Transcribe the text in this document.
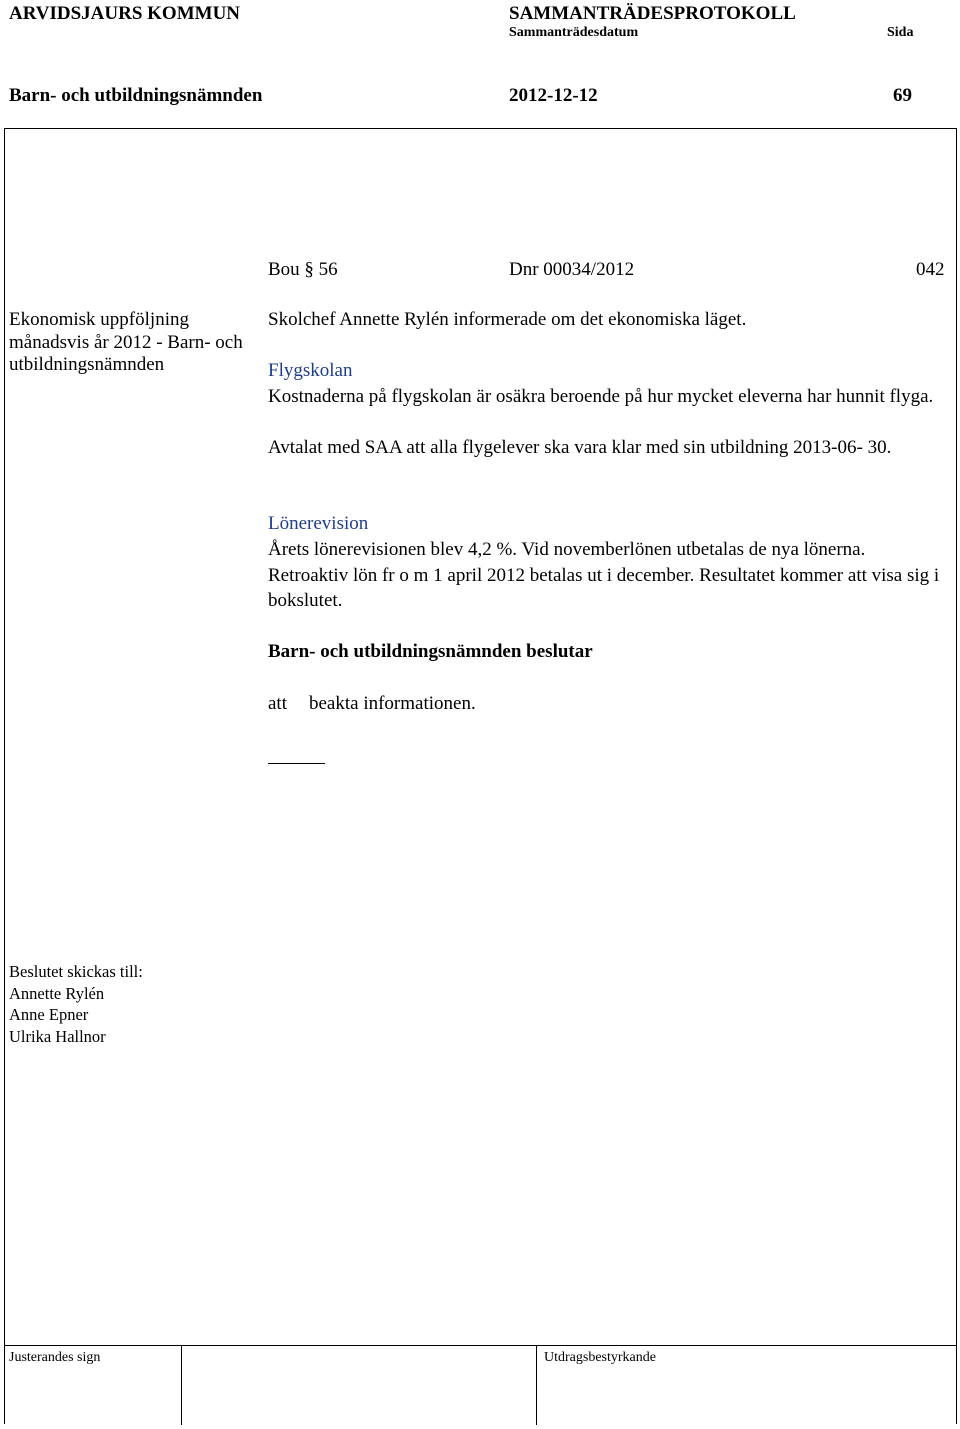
ARVIDSJAURS KOMMUN	SAMMANTRÄDESPROTOKOLL
Sammanträdesdatum	Sida
Barn- och utbildningsnämnden	2012-12-12	69
Bou § 56	Dnr 00034/2012	042
Ekonomisk uppföljning månadsvis år 2012 - Barn- och utbildningsnämnden
Skolchef Annette Rylén informerade om det ekonomiska läget.
Flygskolan
Kostnaderna på flygskolan är osäkra beroende på hur mycket eleverna har hunnit flyga.
Avtalat med SAA att alla flygelever ska vara klar med sin utbildning 2013-06- 30.
Lönerevision
Årets lönerevisionen blev 4,2 %. Vid novemberlönen utbetalas de nya lönerna. Retroaktiv lön fr o m 1 april 2012 betalas ut i december. Resultatet kommer att visa sig i bokslutet.
Barn- och utbildningsnämnden beslutar
att beakta informationen.
Beslutet skickas till:
Annette Rylén
Anne Epner
Ulrika Hallnor
Justerandes sign	Utdragsbestyrkande
